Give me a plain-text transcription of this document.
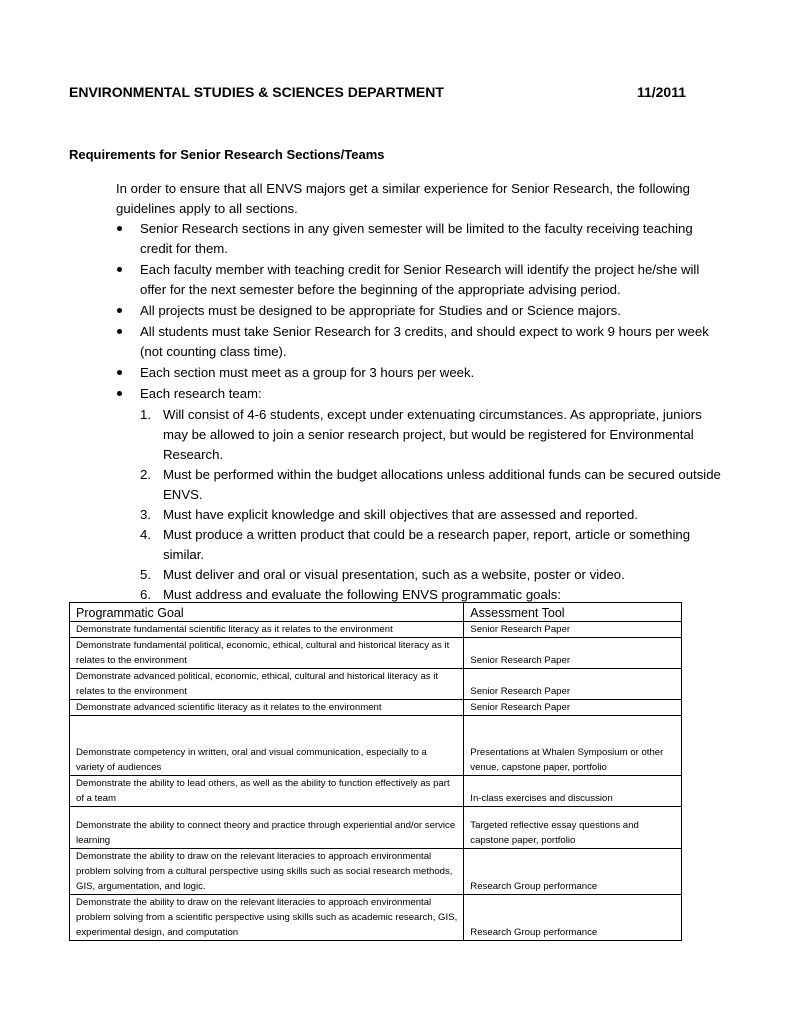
ENVIRONMENTAL STUDIES & SCIENCES DEPARTMENT	11/2011
Requirements for Senior Research Sections/Teams

In order to ensure that all ENVS majors get a similar experience for Senior Research, the following guidelines apply to all sections.

Senior Research sections in any given semester will be limited to the faculty receiving teaching credit for them.
Each faculty member with teaching credit for Senior Research will identify the project he/she will offer for the next semester before the beginning of the appropriate advising period.
All projects must be designed to be appropriate for Studies and or Science majors.
All students must take Senior Research for 3 credits, and should expect to work 9 hours per week (not counting class time).
Each section must meet as a group for 3 hours per week.
Each research team:
1. Will consist of 4-6 students, except under extenuating circumstances. As appropriate, juniors may be allowed to join a senior research project, but would be registered for Environmental Research.
2. Must be performed within the budget allocations unless additional funds can be secured outside ENVS.
3. Must have explicit knowledge and skill objectives that are assessed and reported.
4. Must produce a written product that could be a research paper, report, article or something similar.
5. Must deliver and oral or visual presentation, such as a website, poster or video.
6. Must address and evaluate the following ENVS programmatic goals:
Programmatic Goal	Assessment Tool
Demonstrate fundamental scientific literacy as it relates to the environment	Senior Research Paper
Demonstrate fundamental political, economic, ethical, cultural and historical literacy as it relates to the environment	Senior Research Paper
Demonstrate advanced political, economic, ethical, cultural and historical literacy as it relates to the environment	Senior Research Paper
Demonstrate advanced scientific literacy as it relates to the environment	Senior Research Paper
Demonstrate competency in written, oral and visual communication, especially to a variety of audiences	Presentations at Whalen Symposium or other venue, capstone paper, portfolio
Demonstrate the ability to lead others, as well as the ability to function effectively as part of a team	In-class exercises and discussion
Demonstrate the ability to connect theory and practice through experiential and/or service learning	Targeted reflective essay questions and capstone paper, portfolio
Demonstrate the ability to draw on the relevant literacies to approach environmental problem solving from a cultural perspective using skills such as social research methods, GIS, argumentation, and logic.	Research Group performance
Demonstrate the ability to draw on the relevant literacies to approach environmental problem solving from a scientific perspective using skills such as academic research, GIS, experimental design, and computation	Research Group performance
